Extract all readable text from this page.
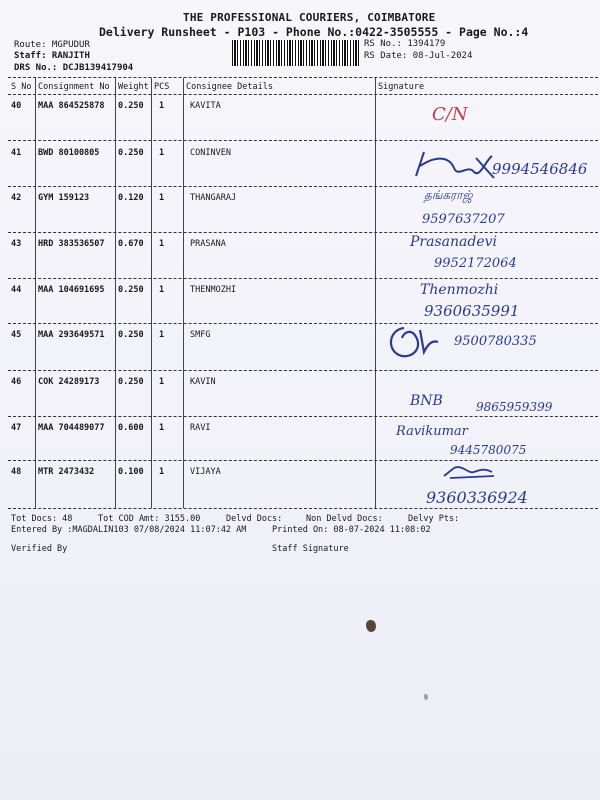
THE PROFESSIONAL COURIERS, COIMBATORE
Delivery Runsheet - P103 - Phone No.:0422-3505555 - Page No.:4
Route: MGPUDUR
Staff: RANJITH
DRS No.: DCJB139417904
RS No.: 1394179
RS Date: 08-Jul-2024
S No Consignment No Weight PCS Consignee Details	Signature
40 MAA 864525878 0.250 1	KAVITA	C/N
41 BWD 80100805 0.250 1	CONINVEN
9994546846
42 GYM 159123	0.120 1	THANGARAJ	தங்கராஜ்
9597637207
43 HRD 383536507 0.670 1	PRASANA	Prasanadevi
9952172064
44 MAA 104691695 0.250 1	THENMOZHI	Thenmozhi
9360635991
45 MAA 293649571 0.250 1	SMFG	9500780335
46 COK 24289173 0.250 1	KAVIN
BNB	9865959399
47 MAA 704489077 0.600 1	RAVI	Ravikumar
9445780075
48 MTR 2473432	0.100 1	VIJAYA
9360336924
Tot Docs: 48	Tot COD Amt: 3155.00	Delvd Docs:	Non Delvd Docs:	Delvy Pts:
Entered By :MAGDALIN103 07/08/2024 11:07:42 AM	Printed On: 08-07-2024 11:08:02
Verified By	Staff Signature
